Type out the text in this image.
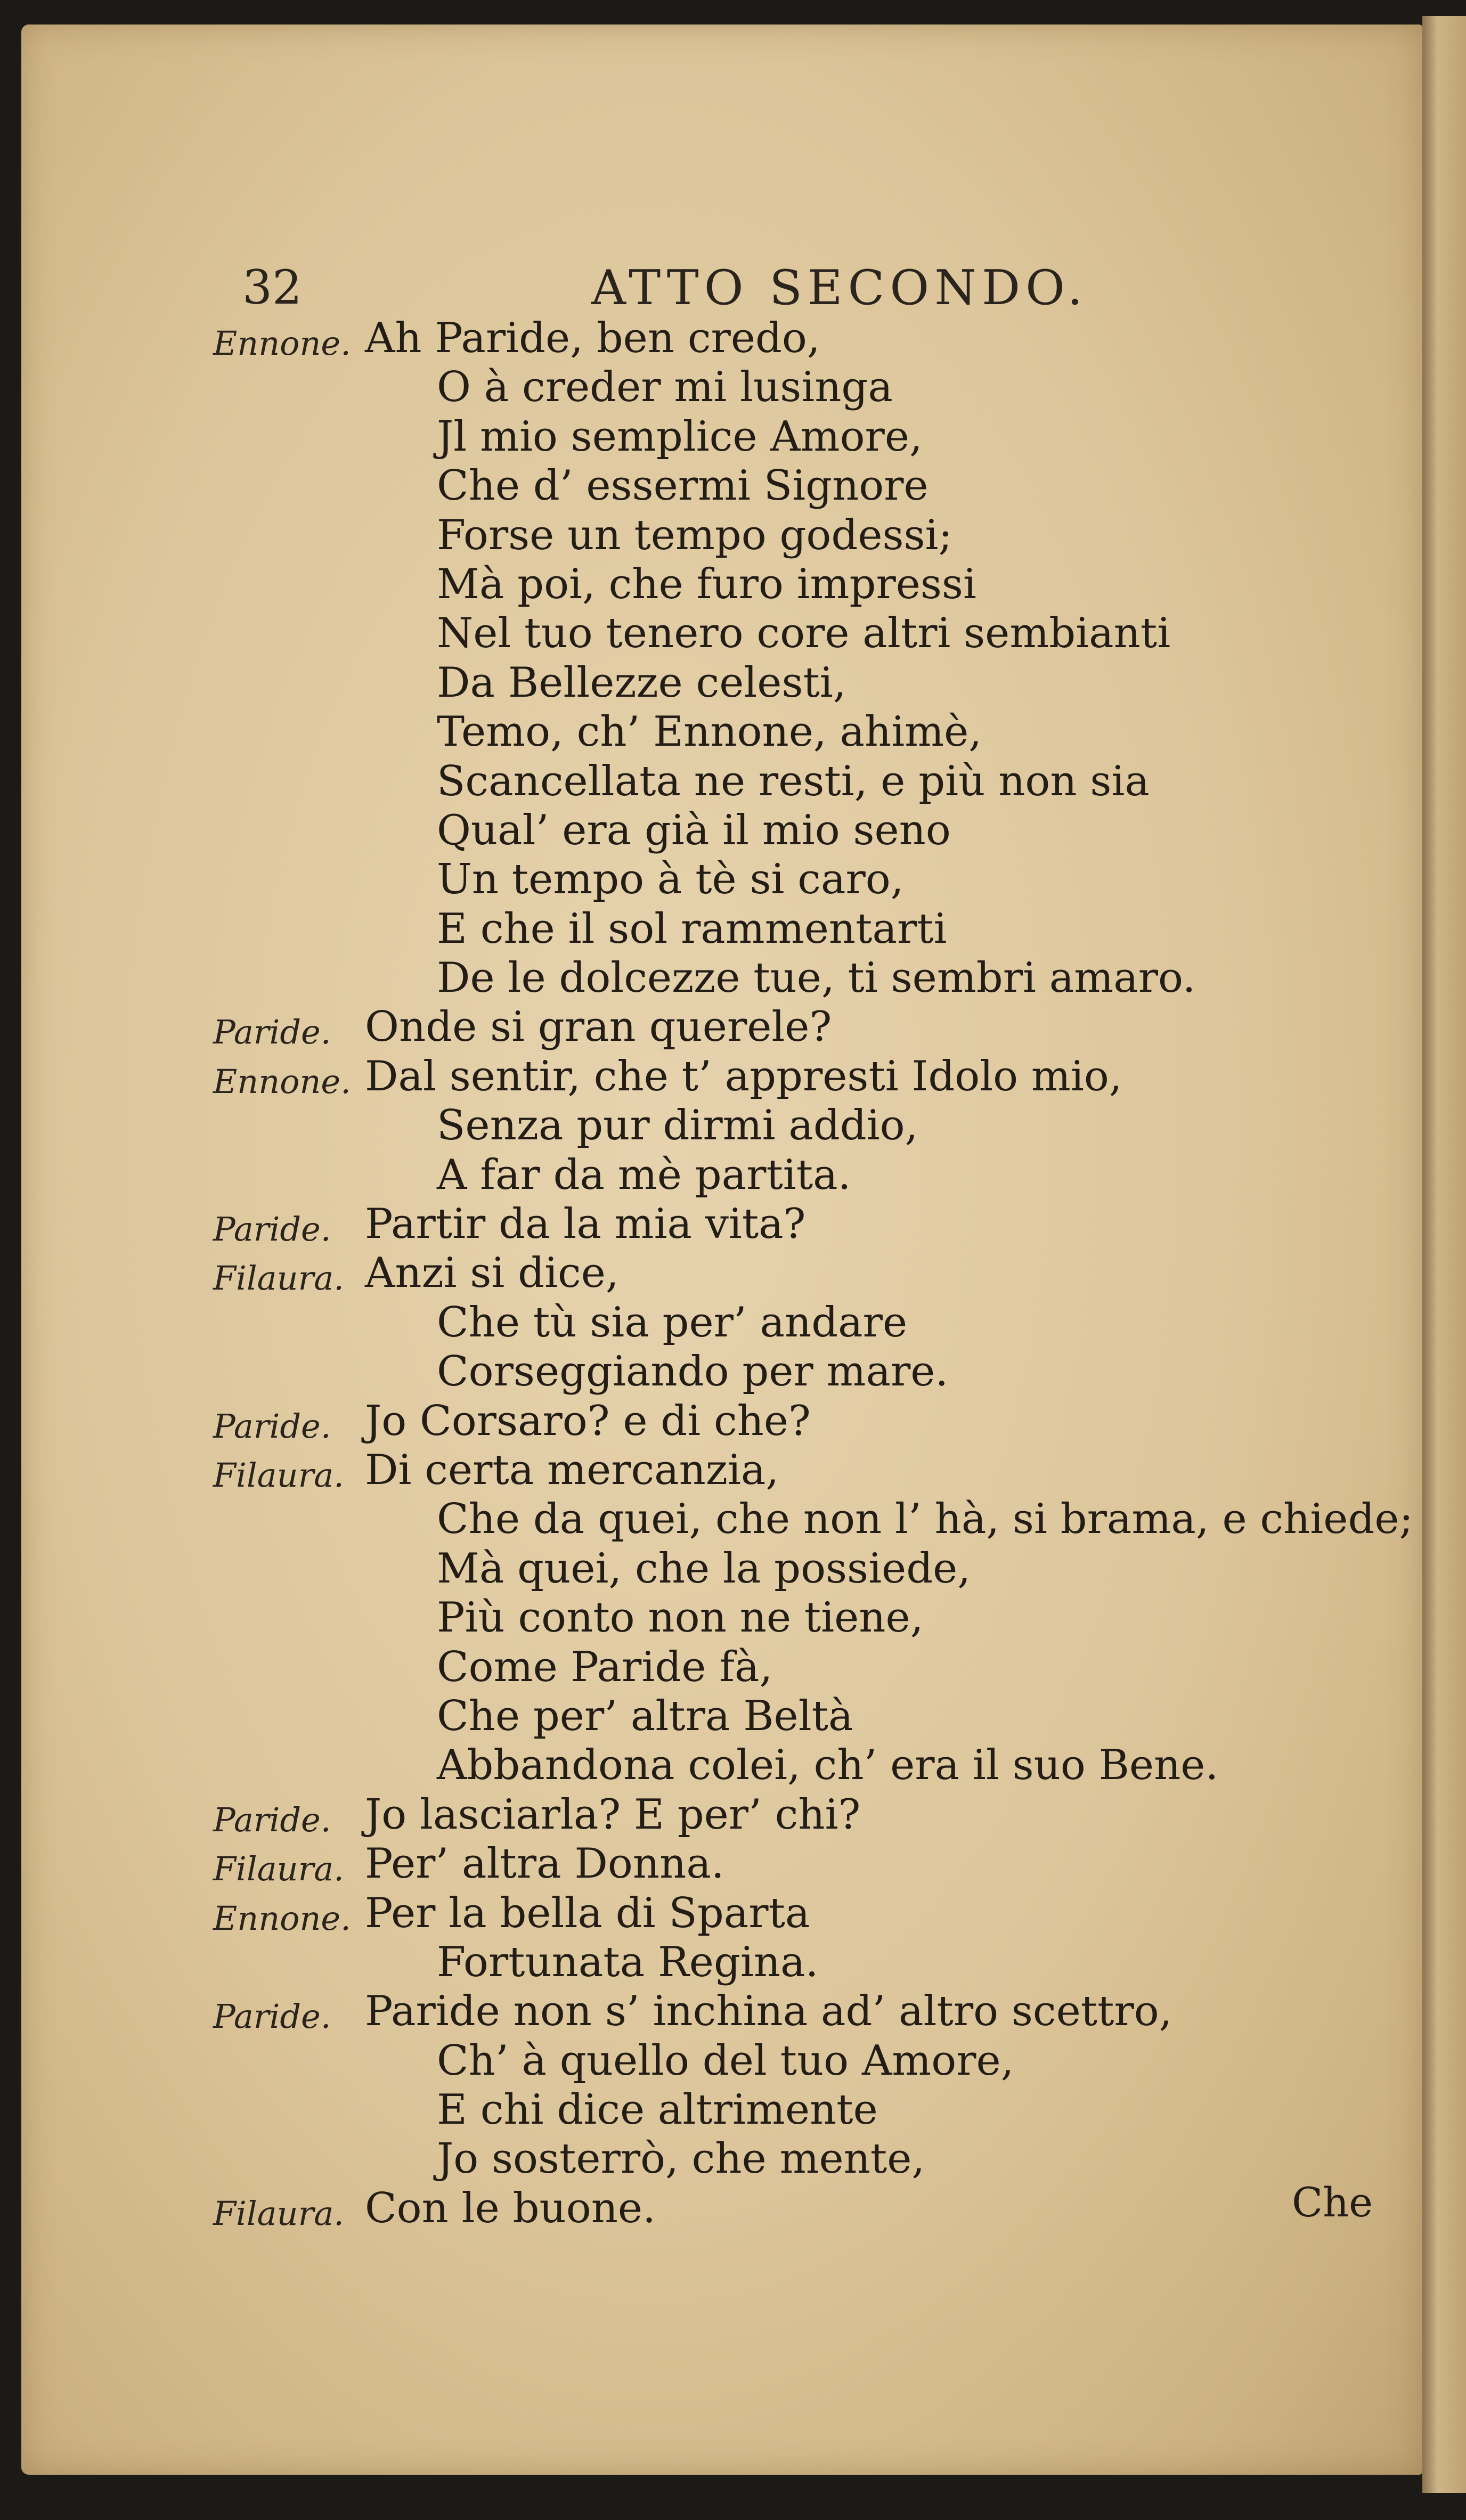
32	ATTO SECONDO.
Ennone. Ah Paride, ben credo,
O à creder mi lusinga
Jl mio semplice Amore,
Che d’ essermi Signore
Forse un tempo godessi;
Mà poi, che furo impressi
Nel tuo tenero core altri sembianti
Da Bellezze celesti,
Temo, ch’ Ennone, ahimè,
Scancellata ne resti, e più non sia
Qual’ era già il mio seno
Un tempo à tè si caro,
E che il sol rammentarti
De le dolcezze tue, ti sembri amaro.
Paride. Onde si gran querele?
Ennone. Dal sentir, che t’ appresti Idolo mio,
Senza pur dirmi addio,
A far da mè partita.
Paride. Partir da la mia vita?
Filaura. Anzi si dice,
Che tù sia per’ andare
Corseggiando per mare.
Paride. Jo Corsaro? e di che?
Filaura. Di certa mercanzia,
Che da quei, che non l’ hà, si brama, e chiede;
Mà quei, che la possiede,
Più conto non ne tiene,
Come Paride fà,
Che per’ altra Beltà
Abbandona colei, ch’ era il suo Bene.
Paride. Jo lasciarla? E per’ chi?
Filaura. Per’ altra Donna.
Ennone. Per la bella di Sparta
Fortunata Regina.
Paride. Paride non s’ inchina ad’ altro scettro,
Ch’ à quello del tuo Amore,
E chi dice altrimente
Jo sosterrò, che mente,
Filaura. Con le buone.	Che
